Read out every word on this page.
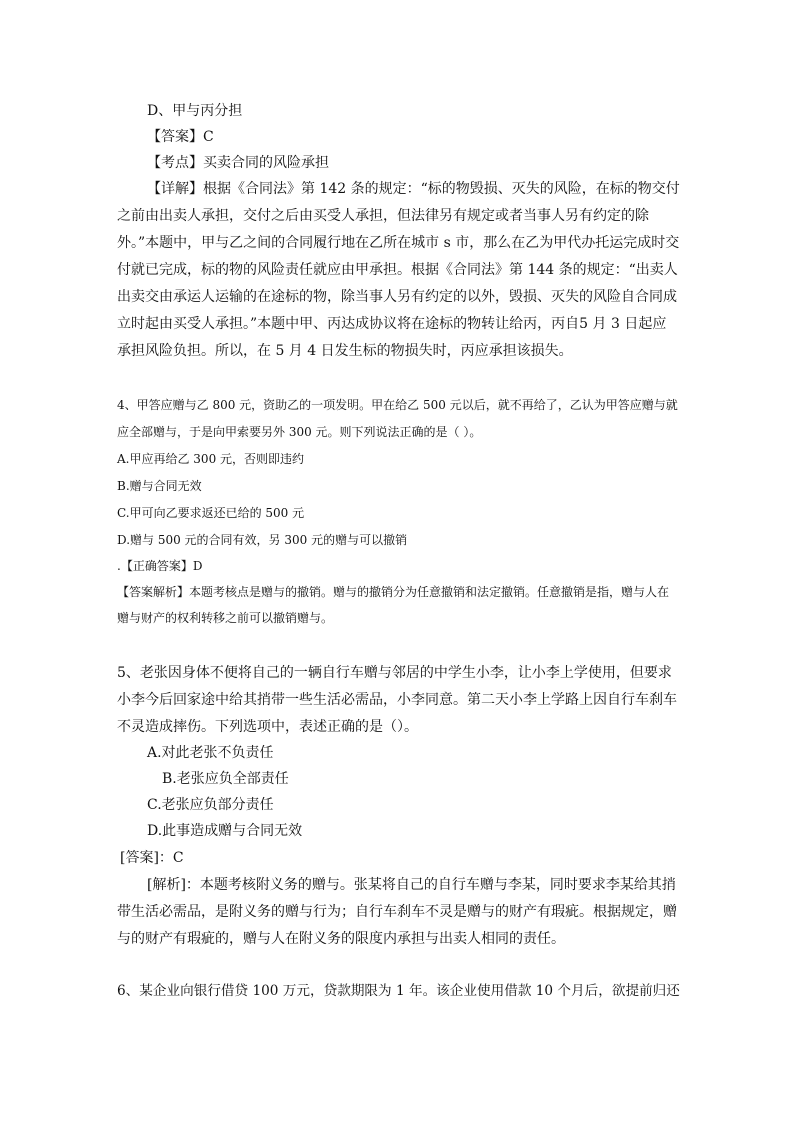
D、甲与丙分担
【答案】C
【考点】买卖合同的风险承担
【详解】根据《合同法》第 142 条的规定：“标的物毁损、灭失的风险，在标的物交付
之前由出卖人承担，交付之后由买受人承担，但法律另有规定或者当事人另有约定的除
外。”本题中，甲与乙之间的合同履行地在乙所在城市 s 市，那么在乙为甲代办托运完成时交
付就已完成，标的物的风险责任就应由甲承担。根据《合同法》第 144 条的规定：“出卖人
出卖交由承运人运输的在途标的物，除当事人另有约定的以外，毁损、灭失的风险自合同成
立时起由买受人承担。”本题中甲、丙达成协议将在途标的物转让给丙，丙自5 月 3 日起应
承担风险负担。所以，在 5 月 4 日发生标的物损失时，丙应承担该损失。
4、甲答应赠与乙 800 元，资助乙的一项发明。甲在给乙 500 元以后，就不再给了，乙认为甲答应赠与就
应全部赠与，于是向甲索要另外 300 元。则下列说法正确的是（ ）。
A.甲应再给乙 300 元，否则即违约
B.赠与合同无效
C.甲可向乙要求返还已给的 500 元
D.赠与 500 元的合同有效，另 300 元的赠与可以撤销
.【正确答案】D
【答案解析】本题考核点是赠与的撤销。赠与的撤销分为任意撤销和法定撤销。任意撤销是指，赠与人在
赠与财产的权利转移之前可以撤销赠与。
5、老张因身体不便将自己的一辆自行车赠与邻居的中学生小李，让小李上学使用，但要求
小李今后回家途中给其捎带一些生活必需品，小李同意。第二天小李上学路上因自行车刹车
不灵造成摔伤。下列选项中，表述正确的是（）。
A.对此老张不负责任
B.老张应负全部责任
C.老张应负部分责任
D.此事造成赠与合同无效
[答案]：C
[解析]：本题考核附义务的赠与。张某将自己的自行车赠与李某，同时要求李某给其捎
带生活必需品，是附义务的赠与行为；自行车刹车不灵是赠与的财产有瑕疵。根据规定，赠
与的财产有瑕疵的，赠与人在附义务的限度内承担与出卖人相同的责任。
6、某企业向银行借贷 100 万元，贷款期限为 1 年。该企业使用借款 10 个月后，欲提前归还
